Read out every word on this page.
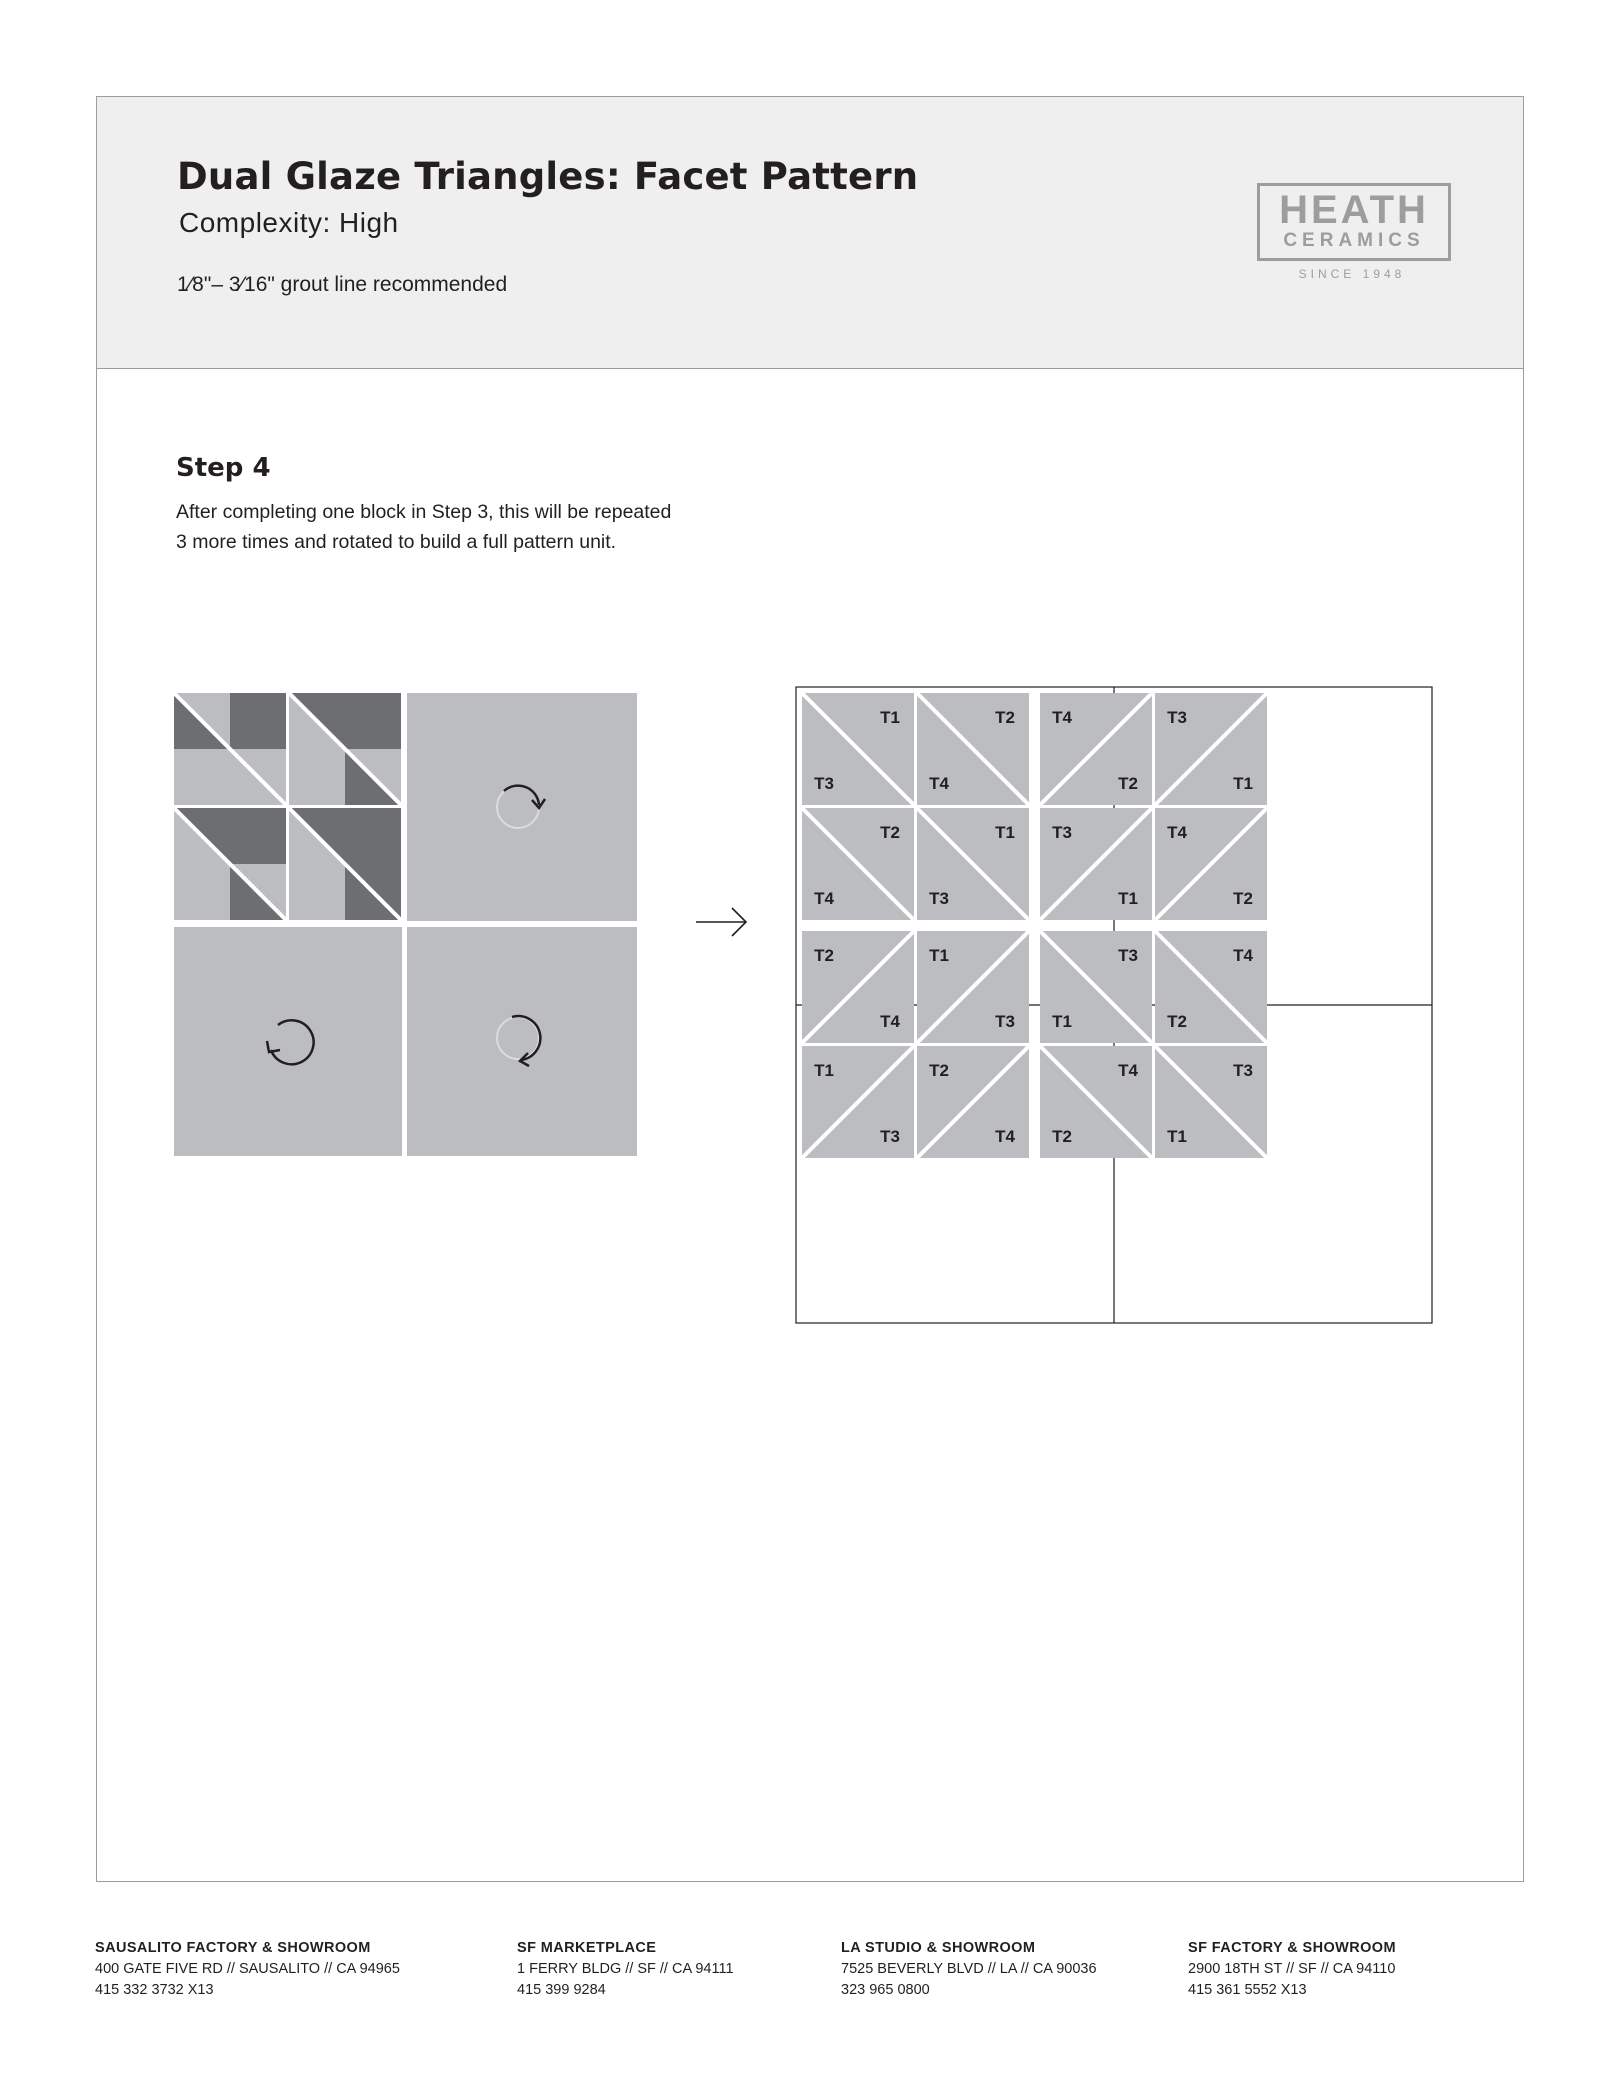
Dual Glaze Triangles: Facet Pattern
Complexity: High
1⁄8"– 3⁄16" grout line recommended
HEATH
CERAMICS
SINCE 1948
Step 4
After completing one block in Step 3, this will be repeated
3 more times and rotated to build a full pattern unit.
T1
T3
T2
T4
T4
T2
T3
T1
T2
T4
T1
T3
T3
T1
T4
T2
T2
T4
T1
T3
T3
T1
T4
T2
T1
T3
T2
T4
T4
T2
T3
T1
SAUSALITO FACTORY & SHOWROOM
400 GATE FIVE RD // SAUSALITO // CA 94965
415 332 3732 X13
SF MARKETPLACE
1 FERRY BLDG // SF // CA 94111
415 399 9284
LA STUDIO & SHOWROOM
7525 BEVERLY BLVD // LA // CA 90036
323 965 0800
SF FACTORY & SHOWROOM
2900 18TH ST // SF // CA 94110
415 361 5552 X13
